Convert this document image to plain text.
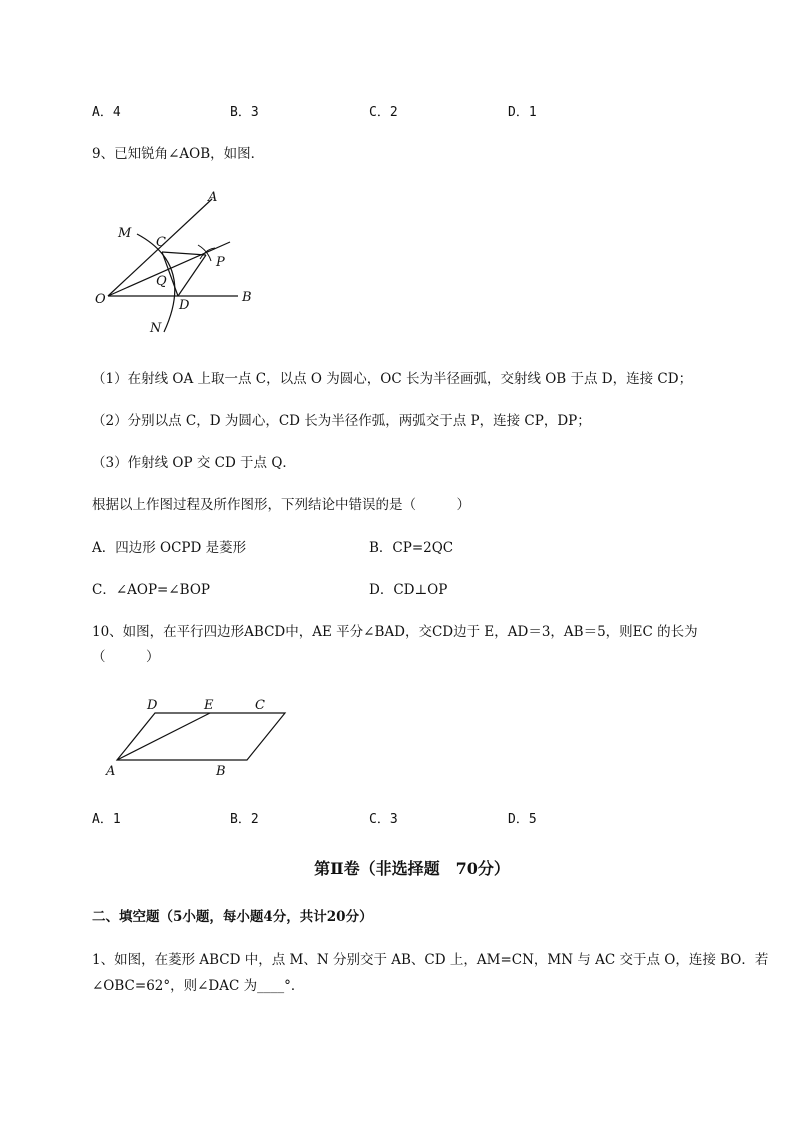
A．4	B．3	C．2	D．1
9、已知锐角∠AOB，如图．
A
M
C
P
Q
O	D
B
N
（1）在射线 OA 上取一点 C，以点 O 为圆心，OC 长为半径画弧，交射线 OB 于点 D，连接 CD；
（2）分别以点 C，D 为圆心，CD 长为半径作弧，两弧交于点 P，连接 CP，DP；
（3）作射线 OP 交 CD 于点 Q．
根据以上作图过程及所作图形，下列结论中错误的是（　　　）
A．四边形 OCPD 是菱形	B．CP=2QC
C．∠AOP=∠BOP	D．CD⊥OP
10、如图，在平行四边形ABCD中，AE 平分∠BAD，交CD边于 E，AD＝3，AB＝5，则EC 的长为
（　　　）
D	E	C
A	B
A．1	B．2	C．3	D．5
第Ⅱ卷（非选择题　70分）
二、填空题（5小题，每小题4分，共计20分）
1、如图，在菱形 ABCD 中，点 M、N 分别交于 AB、CD 上，AM=CN，MN 与 AC 交于点 O，连接 BO．若
∠OBC=62°，则∠DAC 为____°．
